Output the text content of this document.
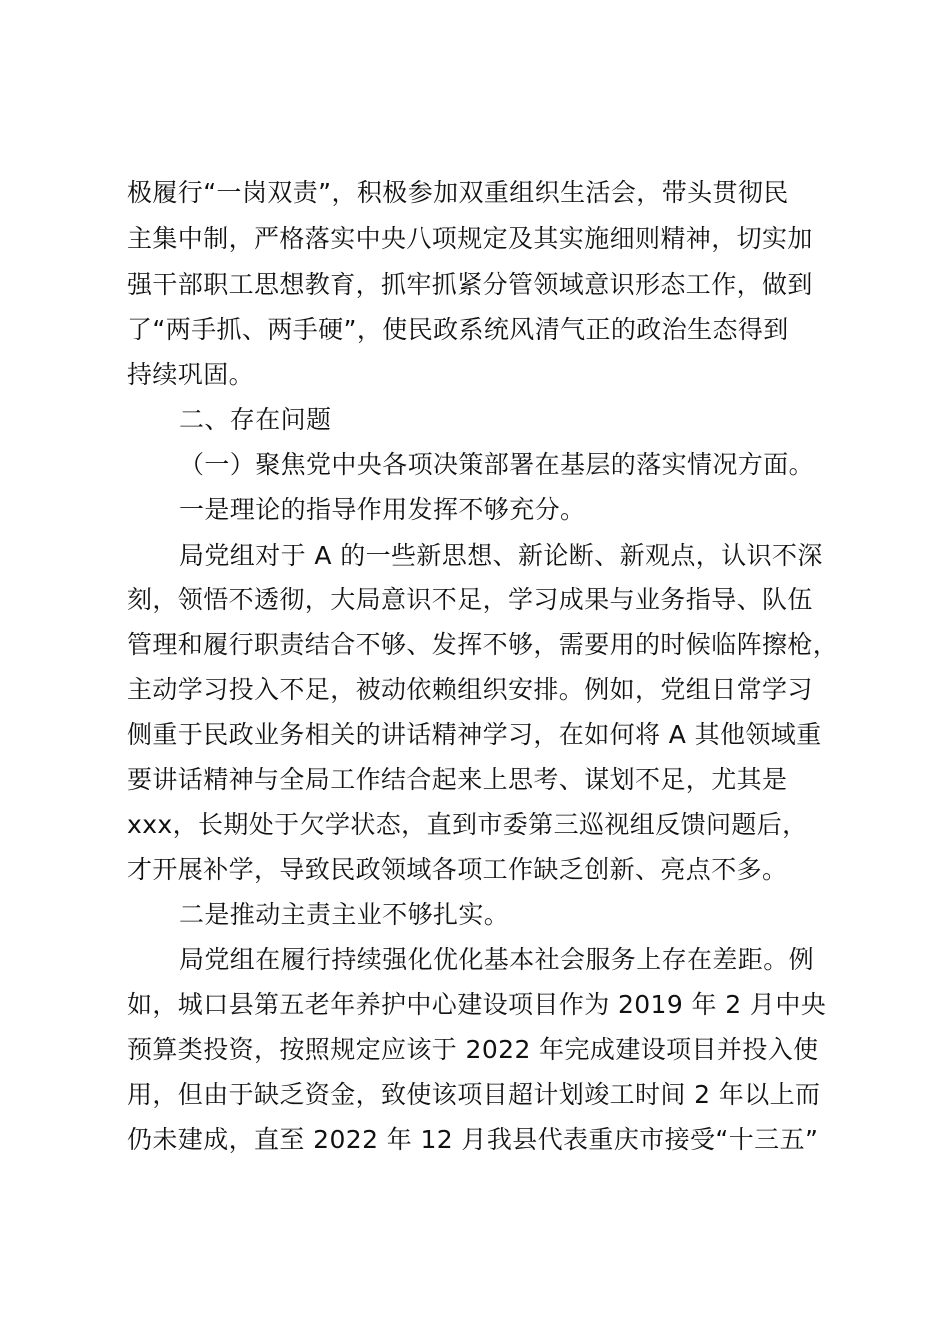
极履行“一岗双责”，积极参加双重组织生活会，带头贯彻民
主集中制，严格落实中央八项规定及其实施细则精神，切实加
强干部职工思想教育，抓牢抓紧分管领域意识形态工作，做到
了“两手抓、两手硬”，使民政系统风清气正的政治生态得到
持续巩固。
二、存在问题
（一）聚焦党中央各项决策部署在基层的落实情况方面。
一是理论的指导作用发挥不够充分。
局党组对于 A 的一些新思想、新论断、新观点，认识不深
刻，领悟不透彻，大局意识不足，学习成果与业务指导、队伍
管理和履行职责结合不够、发挥不够，需要用的时候临阵擦枪，
主动学习投入不足，被动依赖组织安排。例如，党组日常学习
侧重于民政业务相关的讲话精神学习，在如何将 A 其他领域重
要讲话精神与全局工作结合起来上思考、谋划不足，尤其是
xxx，长期处于欠学状态，直到市委第三巡视组反馈问题后，
才开展补学，导致民政领域各项工作缺乏创新、亮点不多。
二是推动主责主业不够扎实。
局党组在履行持续强化优化基本社会服务上存在差距。例
如，城口县第五老年养护中心建设项目作为 2019 年 2 月中央
预算类投资，按照规定应该于 2022 年完成建设项目并投入使
用，但由于缺乏资金，致使该项目超计划竣工时间 2 年以上而
仍未建成，直至 2022 年 12 月我县代表重庆市接受“十三五”
